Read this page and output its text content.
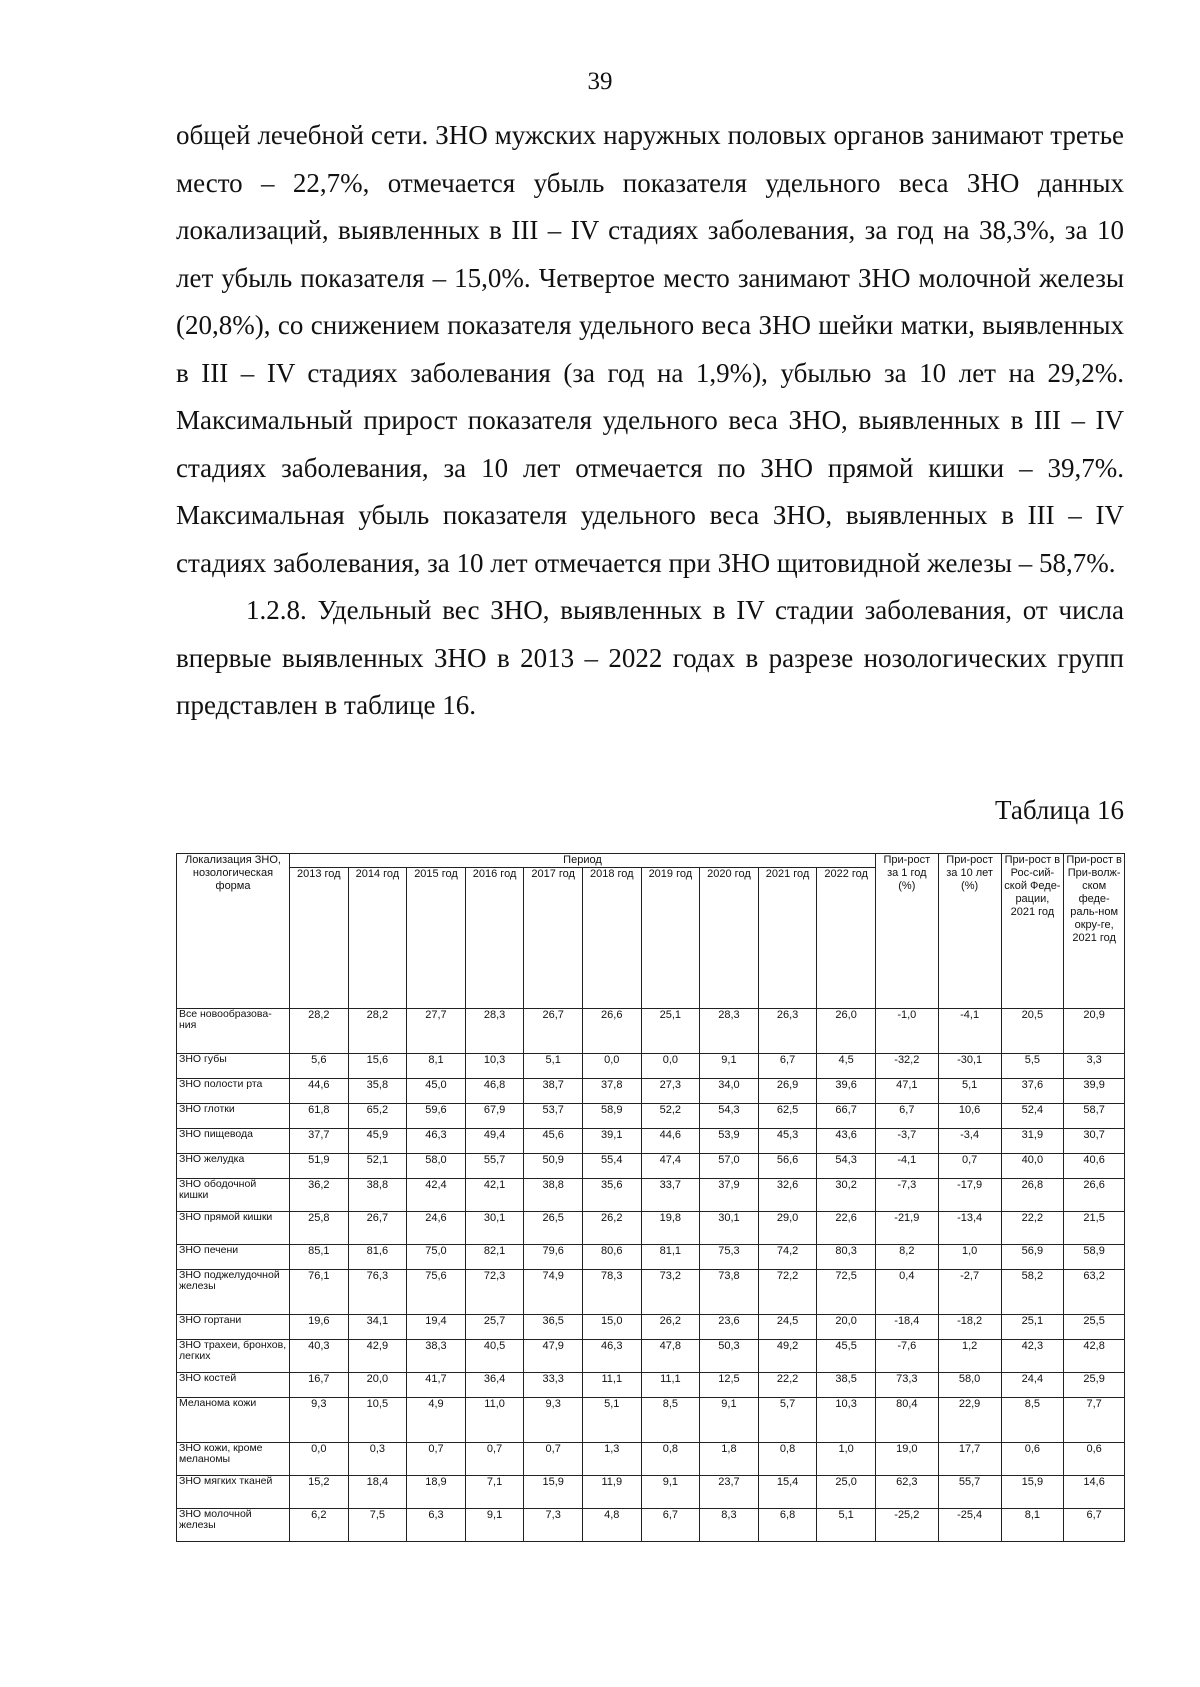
39

общей лечебной сети. ЗНО мужских наружных половых органов занимают третье место – 22,7%, отмечается убыль показателя удельного веса ЗНО данных локализаций, выявленных в III – IV стадиях заболевания, за год на 38,3%, за 10 лет убыль показателя – 15,0%. Четвертое место занимают ЗНО молочной железы (20,8%), со снижением показателя удельного веса ЗНО шейки матки, выявленных в III – IV стадиях заболевания (за год на 1,9%), убылью за 10 лет на 29,2%. Максимальный прирост показателя удельного веса ЗНО, выявленных в III – IV стадиях заболевания, за 10 лет отмечается по ЗНО прямой кишки – 39,7%. Максимальная убыль показателя удельного веса ЗНО, выявленных в III – IV стадиях заболевания, за 10 лет отмечается при ЗНО щитовидной железы – 58,7%.

1.2.8. Удельный вес ЗНО, выявленных в IV стадии заболевания, от числа впервые выявленных ЗНО в 2013 – 2022 годах в разрезе нозологических групп представлен в таблице 16.

Таблица 16
Локализация ЗНО, нозологическая форма	Период										При-рост за 1 год (%)	При-рост за 10 лет (%)	При-рост в Рос-сий-ской Феде-рации, 2021 год	При-рост в При-волж-ском феде-раль-ном окру-ге, 2021 год
	2013 год	2014 год	2015 год	2016 год	2017 год	2018 год	2019 год	2020 год	2021 год	2022 год				
Все новообразова-ния	28,2	28,2	27,7	28,3	26,7	26,6	25,1	28,3	26,3	26,0	-1,0	-4,1	20,5	20,9
ЗНО губы	5,6	15,6	8,1	10,3	5,1	0,0	0,0	9,1	6,7	4,5	-32,2	-30,1	5,5	3,3
ЗНО полости рта	44,6	35,8	45,0	46,8	38,7	37,8	27,3	34,0	26,9	39,6	47,1	5,1	37,6	39,9
ЗНО глотки	61,8	65,2	59,6	67,9	53,7	58,9	52,2	54,3	62,5	66,7	6,7	10,6	52,4	58,7
ЗНО пищевода	37,7	45,9	46,3	49,4	45,6	39,1	44,6	53,9	45,3	43,6	-3,7	-3,4	31,9	30,7
ЗНО желудка	51,9	52,1	58,0	55,7	50,9	55,4	47,4	57,0	56,6	54,3	-4,1	0,7	40,0	40,6
ЗНО ободочной кишки	36,2	38,8	42,4	42,1	38,8	35,6	33,7	37,9	32,6	30,2	-7,3	-17,9	26,8	26,6
ЗНО прямой кишки	25,8	26,7	24,6	30,1	26,5	26,2	19,8	30,1	29,0	22,6	-21,9	-13,4	22,2	21,5
ЗНО печени	85,1	81,6	75,0	82,1	79,6	80,6	81,1	75,3	74,2	80,3	8,2	1,0	56,9	58,9
ЗНО поджелудочной железы	76,1	76,3	75,6	72,3	74,9	78,3	73,2	73,8	72,2	72,5	0,4	-2,7	58,2	63,2
ЗНО гортани	19,6	34,1	19,4	25,7	36,5	15,0	26,2	23,6	24,5	20,0	-18,4	-18,2	25,1	25,5
ЗНО трахеи, бронхов, легких	40,3	42,9	38,3	40,5	47,9	46,3	47,8	50,3	49,2	45,5	-7,6	1,2	42,3	42,8
ЗНО костей	16,7	20,0	41,7	36,4	33,3	11,1	11,1	12,5	22,2	38,5	73,3	58,0	24,4	25,9
Меланома кожи	9,3	10,5	4,9	11,0	9,3	5,1	8,5	9,1	5,7	10,3	80,4	22,9	8,5	7,7
ЗНО кожи, кроме меланомы	0,0	0,3	0,7	0,7	0,7	1,3	0,8	1,8	0,8	1,0	19,0	17,7	0,6	0,6
ЗНО мягких тканей	15,2	18,4	18,9	7,1	15,9	11,9	9,1	23,7	15,4	25,0	62,3	55,7	15,9	14,6
ЗНО молочной железы	6,2	7,5	6,3	9,1	7,3	4,8	6,7	8,3	6,8	5,1	-25,2	-25,4	8,1	6,7
